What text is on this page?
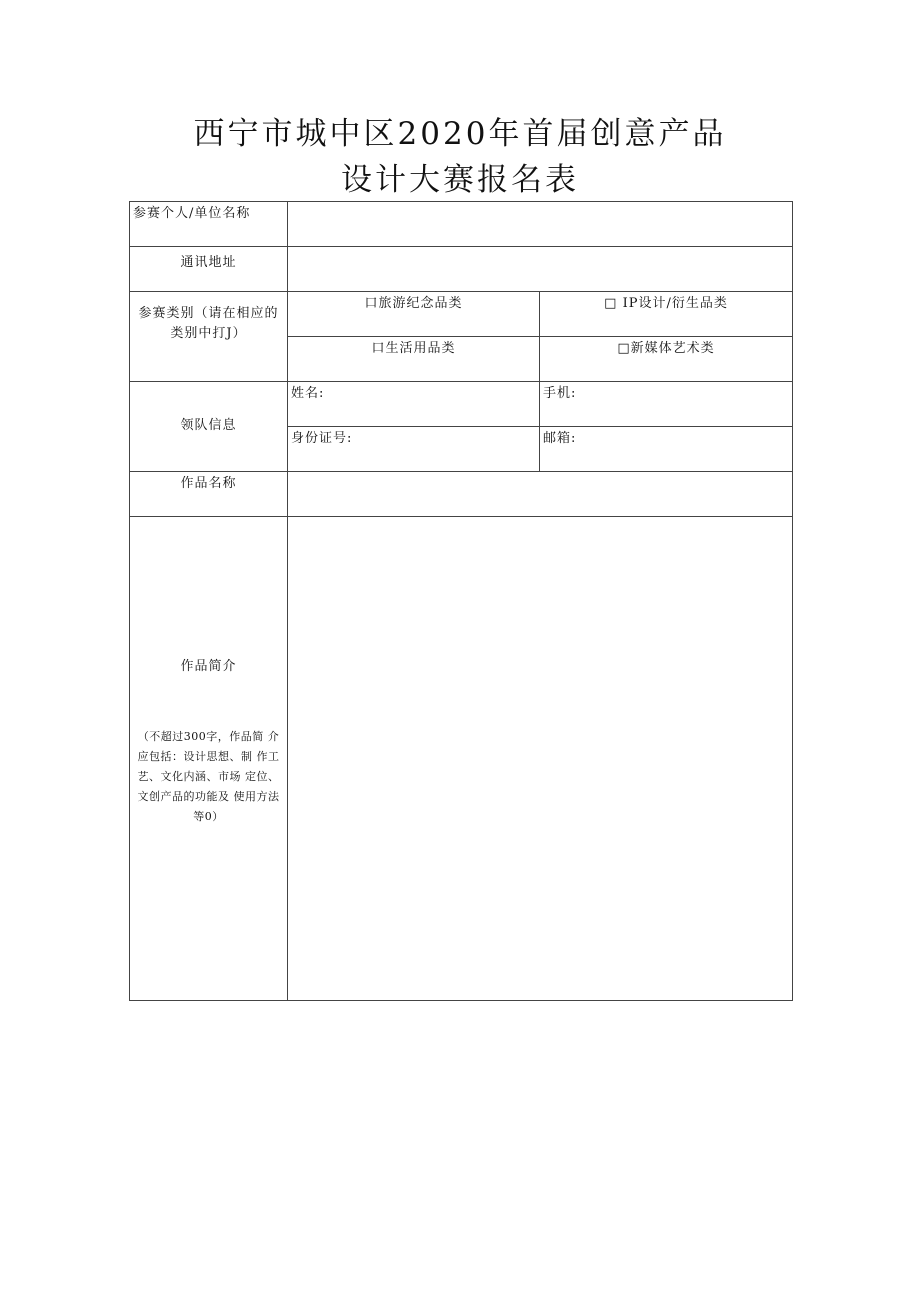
西宁市城中区2020年首届创意产品
设计大赛报名表
参赛个人/单位名称		
通讯地址		
参赛类别（请在相应的类别中打J）	口旅游纪念品类	□ IP设计/衍生品类
	口生活用品类	□新媒体艺术类
领队信息	姓名:	手机:
	身份证号:	邮箱:
作品名称		

作品简介
（不超过300字，作品简 介应包括：设计思想、制 作工艺、文化内涵、市场 定位、文创产品的功能及 使用方法等0）		
